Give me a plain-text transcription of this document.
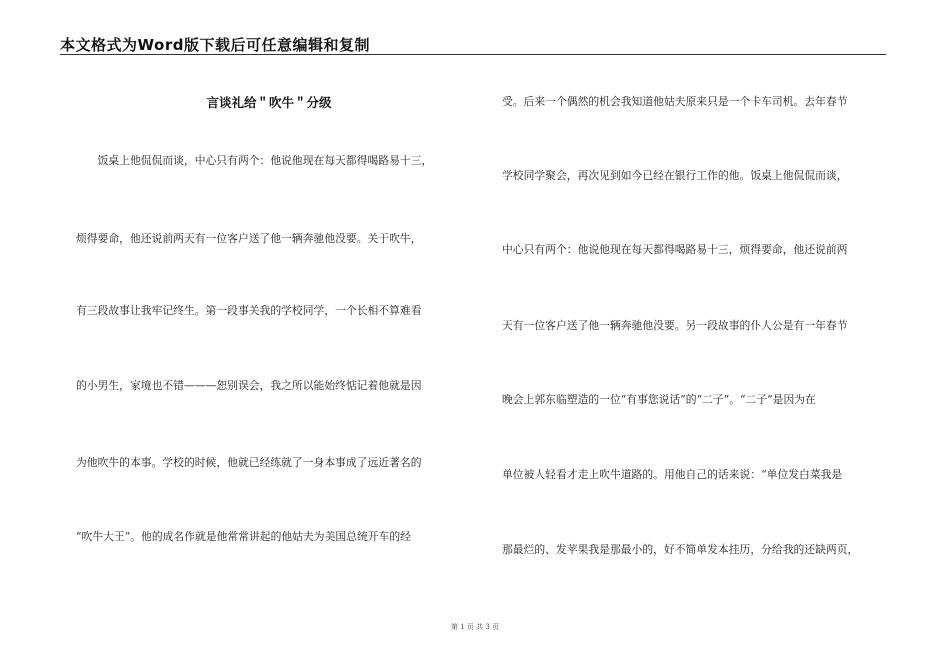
本文格式为Word版下载后可任意编辑和复制
言谈礼给＂吹牛＂分级
　　饭桌上他侃侃而谈，中心只有两个：他说他现在每天都得喝路易十三，
烦得要命，他还说前两天有一位客户送了他一辆奔驰他没要。关于吹牛，
有三段故事让我牢记终生。第一段事关我的学校同学，一个长相不算难看
的小男生，家境也不错———恕别误会，我之所以能始终惦记着他就是因
为他吹牛的本事。学校的时候，他就已经练就了一身本事成了远近著名的
“吹牛大王”。他的成名作就是他常常讲起的他姑夫为美国总统开车的经
受。后来一个偶然的机会我知道他姑夫原来只是一个卡车司机。去年春节
学校同学聚会，再次见到如今已经在银行工作的他。饭桌上他侃侃而谈，
中心只有两个：他说他现在每天都得喝路易十三，烦得要命，他还说前两
天有一位客户送了他一辆奔驰他没要。另一段故事的仆人公是有一年春节
晚会上郭东临塑造的一位“有事您说话”的“二子”。“二子”是因为在
单位被人轻看才走上吹牛道路的。用他自己的话来说：“单位发白菜我是
那最烂的、发苹果我是那最小的，好不简单发本挂历，分给我的还缺两页，
第 1 页 共 3 页
